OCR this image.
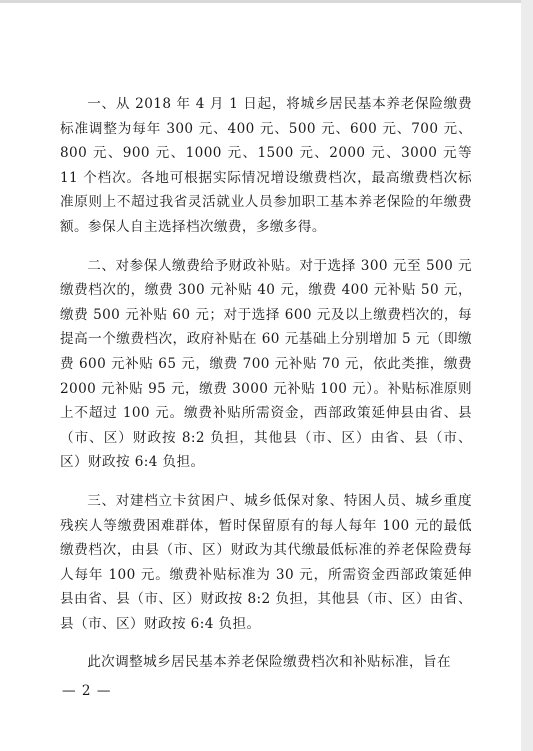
一、从 2018 年 4 月 1 日起，将城乡居民基本养老保险缴费标准调整为每年 300 元、400 元、500 元、600 元、700 元、800 元、900 元、1000 元、1500 元、2000 元、3000 元等 11 个档次。各地可根据实际情况增设缴费档次，最高缴费档次标准原则上不超过我省灵活就业人员参加职工基本养老保险的年缴费额。参保人自主选择档次缴费，多缴多得。

二、对参保人缴费给予财政补贴。对于选择 300 元至 500 元缴费档次的，缴费 300 元补贴 40 元，缴费 400 元补贴 50 元，缴费 500 元补贴 60 元；对于选择 600 元及以上缴费档次的，每提高一个缴费档次，政府补贴在 60 元基础上分别增加 5 元（即缴费 600 元补贴 65 元，缴费 700 元补贴 70 元，依此类推，缴费 2000 元补贴 95 元，缴费 3000 元补贴 100 元）。补贴标准原则上不超过 100 元。缴费补贴所需资金，西部政策延伸县由省、县（市、区）财政按 8:2 负担，其他县（市、区）由省、县（市、区）财政按 6:4 负担。

三、对建档立卡贫困户、城乡低保对象、特困人员、城乡重度残疾人等缴费困难群体，暂时保留原有的每人每年 100 元的最低缴费档次，由县（市、区）财政为其代缴最低标准的养老保险费每人每年 100 元。缴费补贴标准为 30 元，所需资金西部政策延伸县由省、县（市、区）财政按 8:2 负担，其他县（市、区）由省、县（市、区）财政按 6:4 负担。

此次调整城乡居民基本养老保险缴费档次和补贴标准，旨在

— 2 —
